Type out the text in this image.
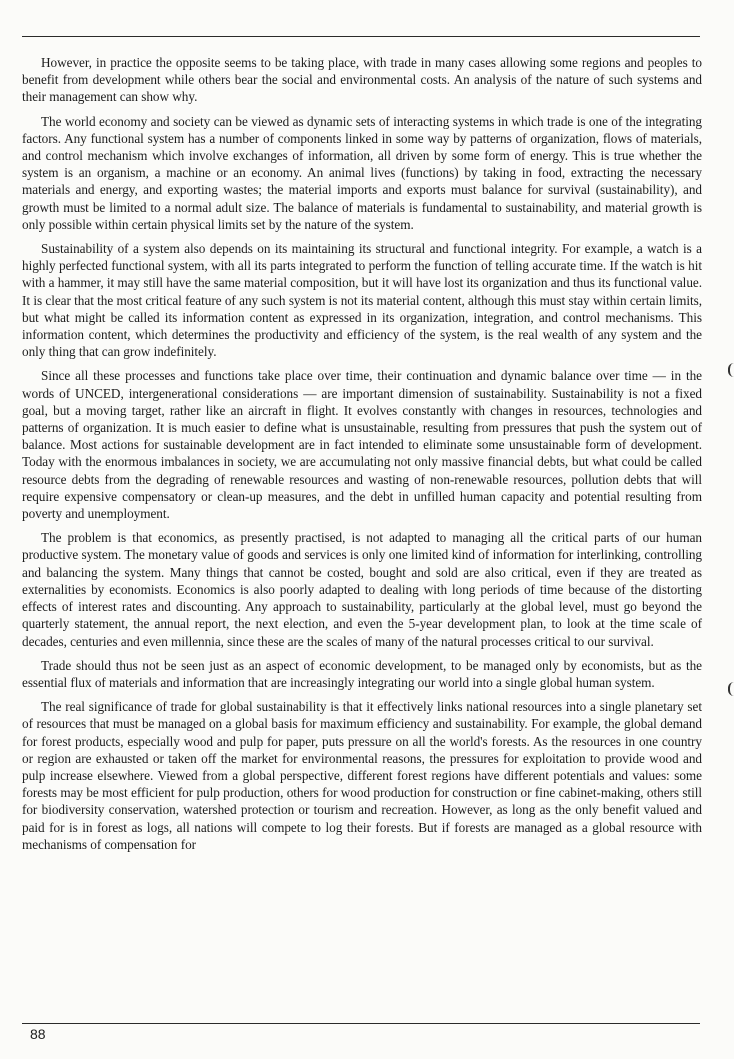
However, in practice the opposite seems to be taking place, with trade in many cases allowing some regions and peoples to benefit from development while others bear the social and environmental costs. An analysis of the nature of such systems and their management can show why.

The world economy and society can be viewed as dynamic sets of interacting systems in which trade is one of the integrating factors. Any functional system has a number of components linked in some way by patterns of organization, flows of materials, and control mechanism which involve exchanges of information, all driven by some form of energy. This is true whether the system is an organism, a machine or an economy. An animal lives (functions) by taking in food, extracting the necessary materials and energy, and exporting wastes; the material imports and exports must balance for survival (sustainability), and growth must be limited to a normal adult size. The balance of materials is fundamental to sustainability, and material growth is only possible within certain physical limits set by the nature of the system.

Sustainability of a system also depends on its maintaining its structural and functional integrity. For example, a watch is a highly perfected functional system, with all its parts integrated to perform the function of telling accurate time. If the watch is hit with a hammer, it may still have the same material composition, but it will have lost its organization and thus its functional value. It is clear that the most critical feature of any such system is not its material content, although this must stay within certain limits, but what might be called its information content as expressed in its organization, integration, and control mechanisms. This information content, which determines the productivity and efficiency of the system, is the real wealth of any system and the only thing that can grow indefinitely.

Since all these processes and functions take place over time, their continuation and dynamic balance over time — in the words of UNCED, intergenerational considerations — are important dimension of sustainability. Sustainability is not a fixed goal, but a moving target, rather like an aircraft in flight. It evolves constantly with changes in resources, technologies and patterns of organization. It is much easier to define what is unsustainable, resulting from pressures that push the system out of balance. Most actions for sustainable development are in fact intended to eliminate some unsustainable form of development. Today with the enormous imbalances in society, we are accumulating not only massive financial debts, but what could be called resource debts from the degrading of renewable resources and wasting of non-renewable resources, pollution debts that will require expensive compensatory or clean-up measures, and the debt in unfilled human capacity and potential resulting from poverty and unemployment.

The problem is that economics, as presently practised, is not adapted to managing all the critical parts of our human productive system. The monetary value of goods and services is only one limited kind of information for interlinking, controlling and balancing the system. Many things that cannot be costed, bought and sold are also critical, even if they are treated as externalities by economists. Economics is also poorly adapted to dealing with long periods of time because of the distorting effects of interest rates and discounting. Any approach to sustainability, particularly at the global level, must go beyond the quarterly statement, the annual report, the next election, and even the 5-year development plan, to look at the time scale of decades, centuries and even millennia, since these are the scales of many of the natural processes critical to our survival.

Trade should thus not be seen just as an aspect of economic development, to be managed only by economists, but as the essential flux of materials and information that are increasingly integrating our world into a single global human system.

The real significance of trade for global sustainability is that it effectively links national resources into a single planetary set of resources that must be managed on a global basis for maximum efficiency and sustainability. For example, the global demand for forest products, especially wood and pulp for paper, puts pressure on all the world's forests. As the resources in one country or region are exhausted or taken off the market for environmental reasons, the pressures for exploitation to provide wood and pulp increase elsewhere. Viewed from a global perspective, different forest regions have different potentials and values: some forests may be most efficient for pulp production, others for wood production for construction or fine cabinet-making, others still for biodiversity conservation, watershed protection or tourism and recreation. However, as long as the only benefit valued and paid for is in forest as logs, all nations will compete to log their forests. But if forests are managed as a global resource with mechanisms of compensation for

88
